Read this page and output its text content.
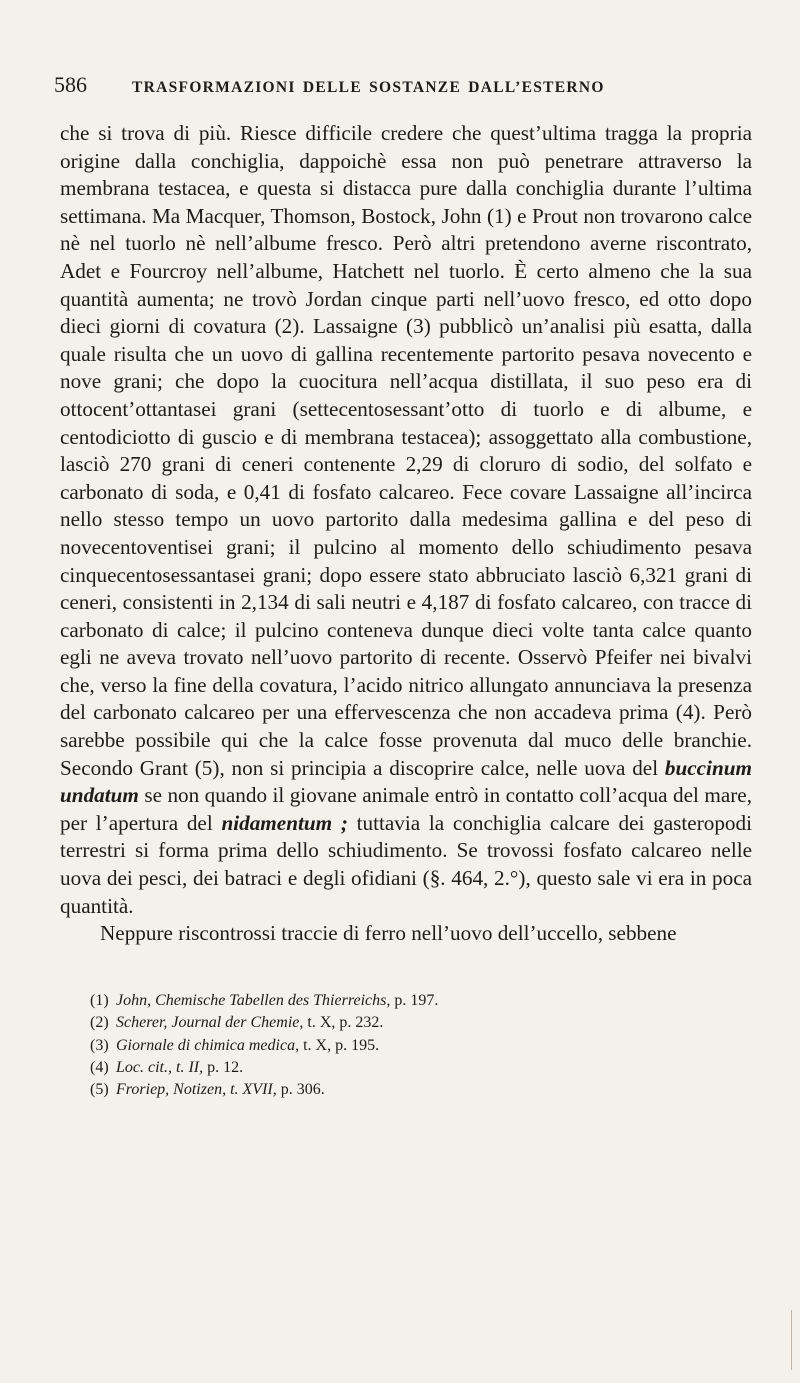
586	TRASFORMAZIONI DELLE SOSTANZE DALL’ESTERNO

che si trova di più. Riesce difficile credere che quest’ultima tragga la propria origine dalla conchiglia, dappoichè essa non può penetrare attraverso la membrana testacea, e questa si distacca pure dalla conchiglia durante l’ultima settimana. Ma Macquer, Thomson, Bostock, John (1) e Prout non trovarono calce nè nel tuorlo nè nell’albume fresco. Però altri pretendono averne riscontrato, Adet e Fourcroy nell’albume, Hatchett nel tuorlo. È certo almeno che la sua quantità aumenta; ne trovò Jordan cinque parti nell’uovo fresco, ed otto dopo dieci giorni di covatura (2). Lassaigne (3) pubblicò un’analisi più esatta, dalla quale risulta che un uovo di gallina recentemente partorito pesava novecento e nove grani; che dopo la cuocitura nell’acqua distillata, il suo peso era di ottocent’ottantasei grani (settecentosessant’otto di tuorlo e di albume, e centodiciotto di guscio e di membrana testacea); assoggettato alla combustione, lasciò 270 grani di ceneri contenente 2,29 di cloruro di sodio, del solfato e carbonato di soda, e 0,41 di fosfato calcareo. Fece covare Lassaigne all’incirca nello stesso tempo un uovo partorito dalla medesima gallina e del peso di novecentoventisei grani; il pulcino al momento dello schiudimento pesava cinquecentosessantasei grani; dopo essere stato abbruciato lasciò 6,321 grani di ceneri, consistenti in 2,134 di sali neutri e 4,187 di fosfato calcareo, con tracce di carbonato di calce; il pulcino conteneva dunque dieci volte tanta calce quanto egli ne aveva trovato nell’uovo partorito di recente. Osservò Pfeifer nei bivalvi che, verso la fine della covatura, l’acido nitrico allungato annunciava la presenza del carbonato calcareo per una effervescenza che non accadeva prima (4). Però sarebbe possibile qui che la calce fosse provenuta dal muco delle branchie. Secondo Grant (5), non si principia a discoprire calce, nelle uova del buccinum undatum se non quando il giovane animale entrò in contatto coll’acqua del mare, per l’apertura del nidamentum ; tuttavia la conchiglia calcare dei gasteropodi terrestri si forma prima dello schiudimento. Se trovossi fosfato calcareo nelle uova dei pesci, dei batraci e degli ofidiani (§. 464, 2.°), questo sale vi era in poca quantità.

Neppure riscontrossi traccie di ferro nell’uovo dell’uccello, sebbene

(1) John, Chemische Tabellen des Thierreichs, p. 197.
(2) Scherer, Journal der Chemie, t. X, p. 232.
(3) Giornale di chimica medica, t. X, p. 195.
(4) Loc. cit., t. II, p. 12.
(5) Froriep, Notizen, t. XVII, p. 306.
